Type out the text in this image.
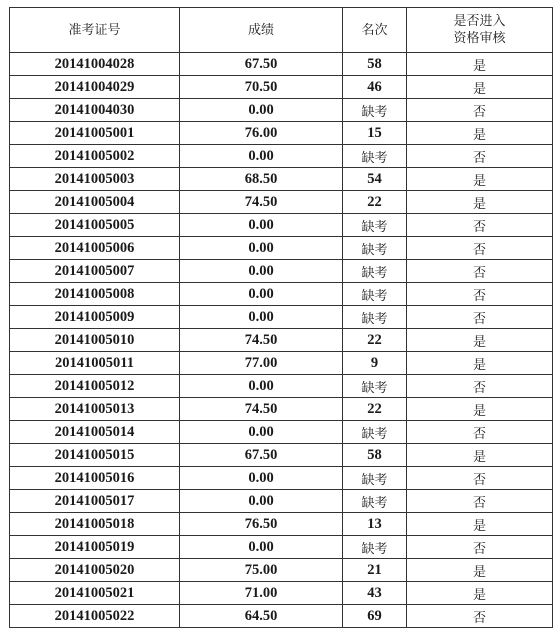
准考证号	成绩	名次	是否进入
资格审核

20141004028	67.50	58	是
20141004029	70.50	46	是
20141004030	0.00	缺考	否
20141005001	76.00	15	是
20141005002	0.00	缺考	否
20141005003	68.50	54	是
20141005004	74.50	22	是
20141005005	0.00	缺考	否
20141005006	0.00	缺考	否
20141005007	0.00	缺考	否
20141005008	0.00	缺考	否
20141005009	0.00	缺考	否
20141005010	74.50	22	是
20141005011	77.00	9	是
20141005012	0.00	缺考	否
20141005013	74.50	22	是
20141005014	0.00	缺考	否
20141005015	67.50	58	是
20141005016	0.00	缺考	否
20141005017	0.00	缺考	否
20141005018	76.50	13	是
20141005019	0.00	缺考	否
20141005020	75.00	21	是
20141005021	71.00	43	是
20141005022	64.50	69	否
